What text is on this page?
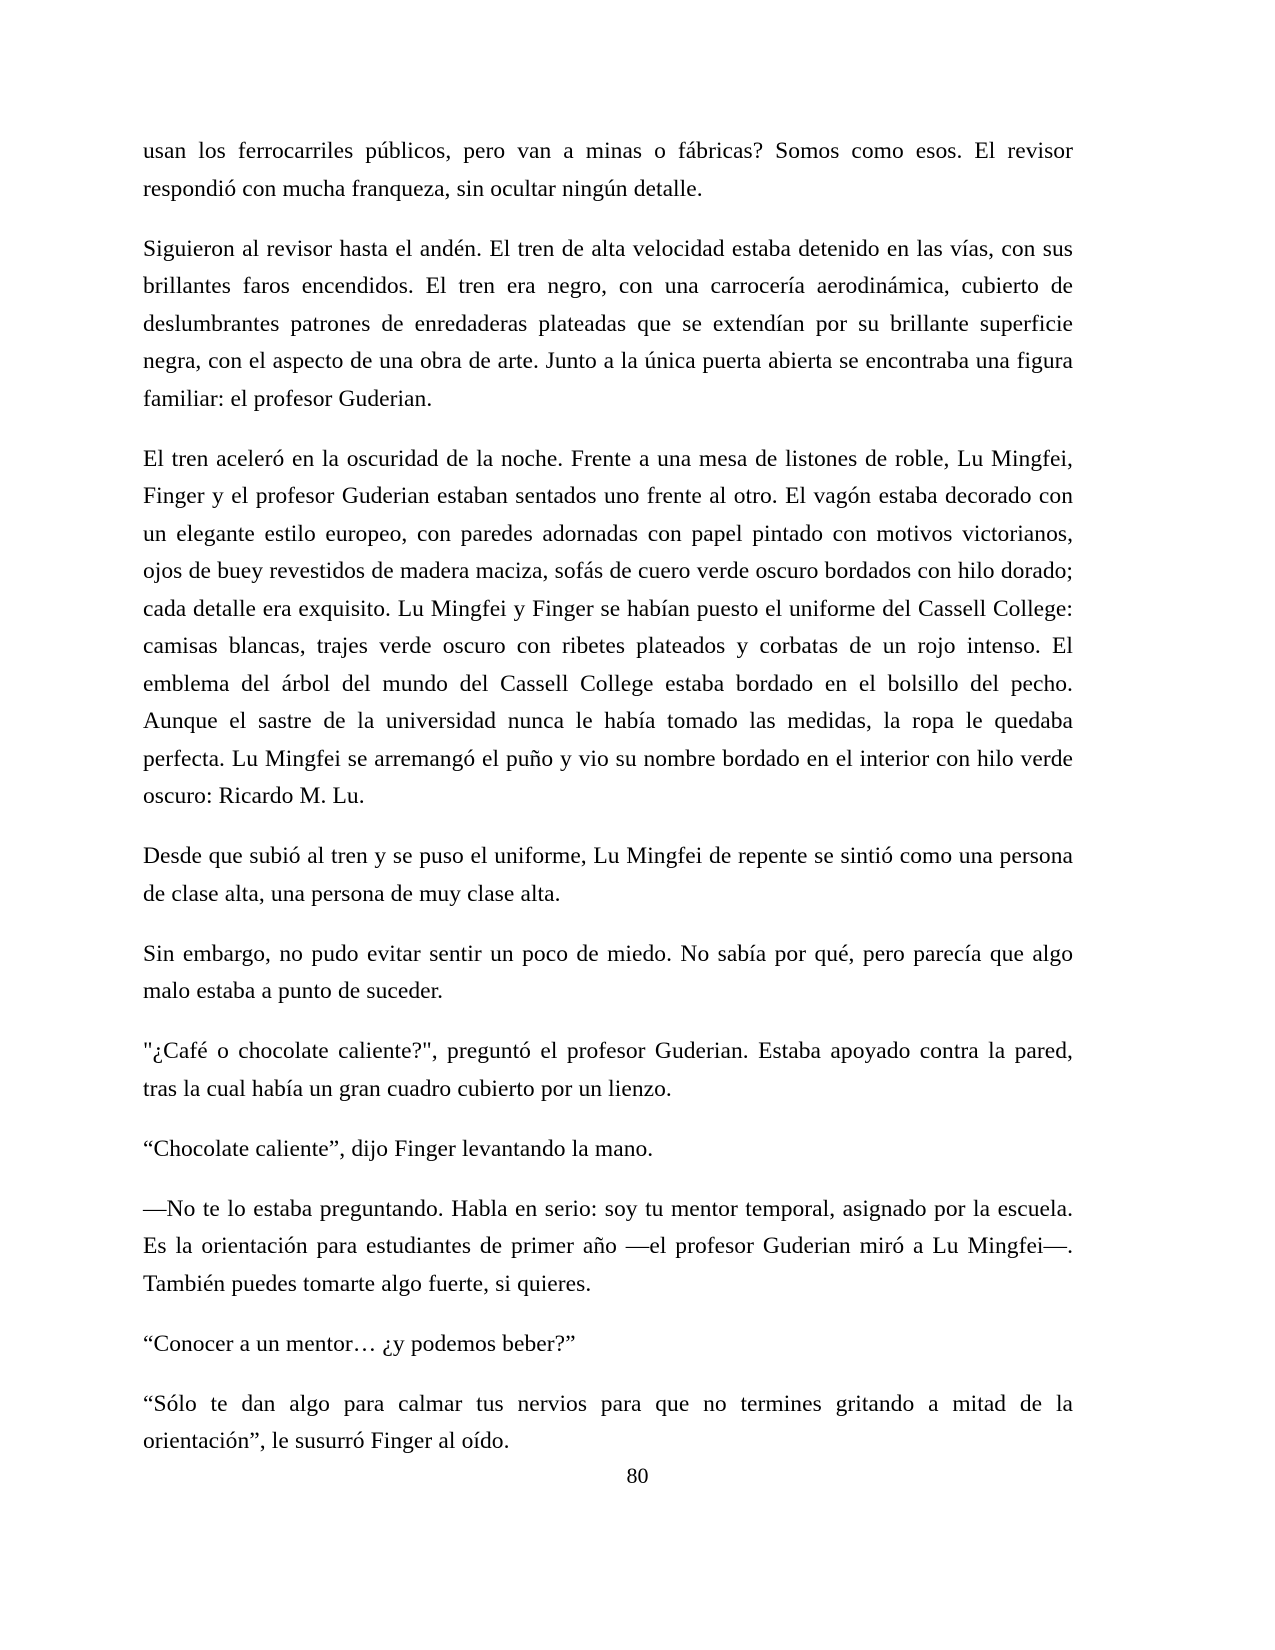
usan los ferrocarriles públicos, pero van a minas o fábricas? Somos como esos. El revisor respondió con mucha franqueza, sin ocultar ningún detalle.

Siguieron al revisor hasta el andén. El tren de alta velocidad estaba detenido en las vías, con sus brillantes faros encendidos. El tren era negro, con una carrocería aerodinámica, cubierto de deslumbrantes patrones de enredaderas plateadas que se extendían por su brillante superficie negra, con el aspecto de una obra de arte. Junto a la única puerta abierta se encontraba una figura familiar: el profesor Guderian.

El tren aceleró en la oscuridad de la noche. Frente a una mesa de listones de roble, Lu Mingfei, Finger y el profesor Guderian estaban sentados uno frente al otro. El vagón estaba decorado con un elegante estilo europeo, con paredes adornadas con papel pintado con motivos victorianos, ojos de buey revestidos de madera maciza, sofás de cuero verde oscuro bordados con hilo dorado; cada detalle era exquisito. Lu Mingfei y Finger se habían puesto el uniforme del Cassell College: camisas blancas, trajes verde oscuro con ribetes plateados y corbatas de un rojo intenso. El emblema del árbol del mundo del Cassell College estaba bordado en el bolsillo del pecho. Aunque el sastre de la universidad nunca le había tomado las medidas, la ropa le quedaba perfecta. Lu Mingfei se arremangó el puño y vio su nombre bordado en el interior con hilo verde oscuro: Ricardo M. Lu.

Desde que subió al tren y se puso el uniforme, Lu Mingfei de repente se sintió como una persona de clase alta, una persona de muy clase alta.

Sin embargo, no pudo evitar sentir un poco de miedo. No sabía por qué, pero parecía que algo malo estaba a punto de suceder.

"¿Café o chocolate caliente?", preguntó el profesor Guderian. Estaba apoyado contra la pared, tras la cual había un gran cuadro cubierto por un lienzo.

“Chocolate caliente”, dijo Finger levantando la mano.

—No te lo estaba preguntando. Habla en serio: soy tu mentor temporal, asignado por la escuela. Es la orientación para estudiantes de primer año —el profesor Guderian miró a Lu Mingfei—. También puedes tomarte algo fuerte, si quieres.

“Conocer a un mentor… ¿y podemos beber?”

“Sólo te dan algo para calmar tus nervios para que no termines gritando a mitad de la orientación”, le susurró Finger al oído.

80
